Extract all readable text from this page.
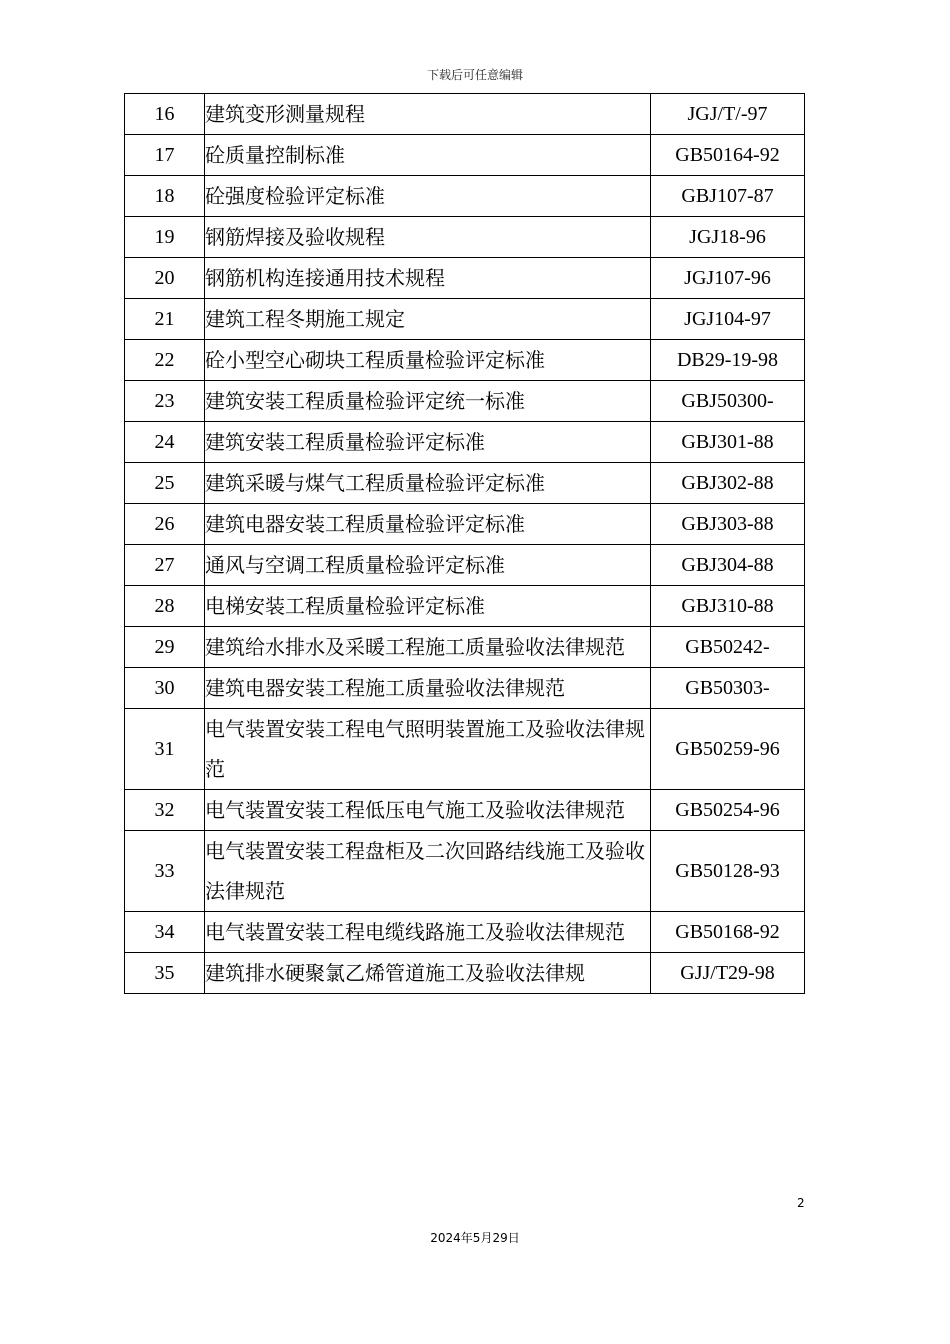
下载后可任意编辑
16	建筑变形测量规程	JGJ/T/-97
17	砼质量控制标准	GB50164-92
18	砼强度检验评定标准	GBJ107-87
19	钢筋焊接及验收规程	JGJ18-96
20	钢筋机构连接通用技术规程	JGJ107-96
21	建筑工程冬期施工规定	JGJ104-97
22	砼小型空心砌块工程质量检验评定标准	DB29-19-98
23	建筑安装工程质量检验评定统一标准	GBJ50300-
24	建筑安装工程质量检验评定标准	GBJ301-88
25	建筑采暖与煤气工程质量检验评定标准	GBJ302-88
26	建筑电器安装工程质量检验评定标准	GBJ303-88
27	通风与空调工程质量检验评定标准	GBJ304-88
28	电梯安装工程质量检验评定标准	GBJ310-88
29	建筑给水排水及采暖工程施工质量验收法律规范	GB50242-
30	建筑电器安装工程施工质量验收法律规范	GB50303-
31	电气装置安装工程电气照明装置施工及验收法律规范	GB50259-96
32	电气装置安装工程低压电气施工及验收法律规范	GB50254-96
33	电气装置安装工程盘柜及二次回路结线施工及验收法律规范	GB50128-93
34	电气装置安装工程电缆线路施工及验收法律规范	GB50168-92
35	建筑排水硬聚氯乙烯管道施工及验收法律规	GJJ/T29-98
2
2024年5月29日
